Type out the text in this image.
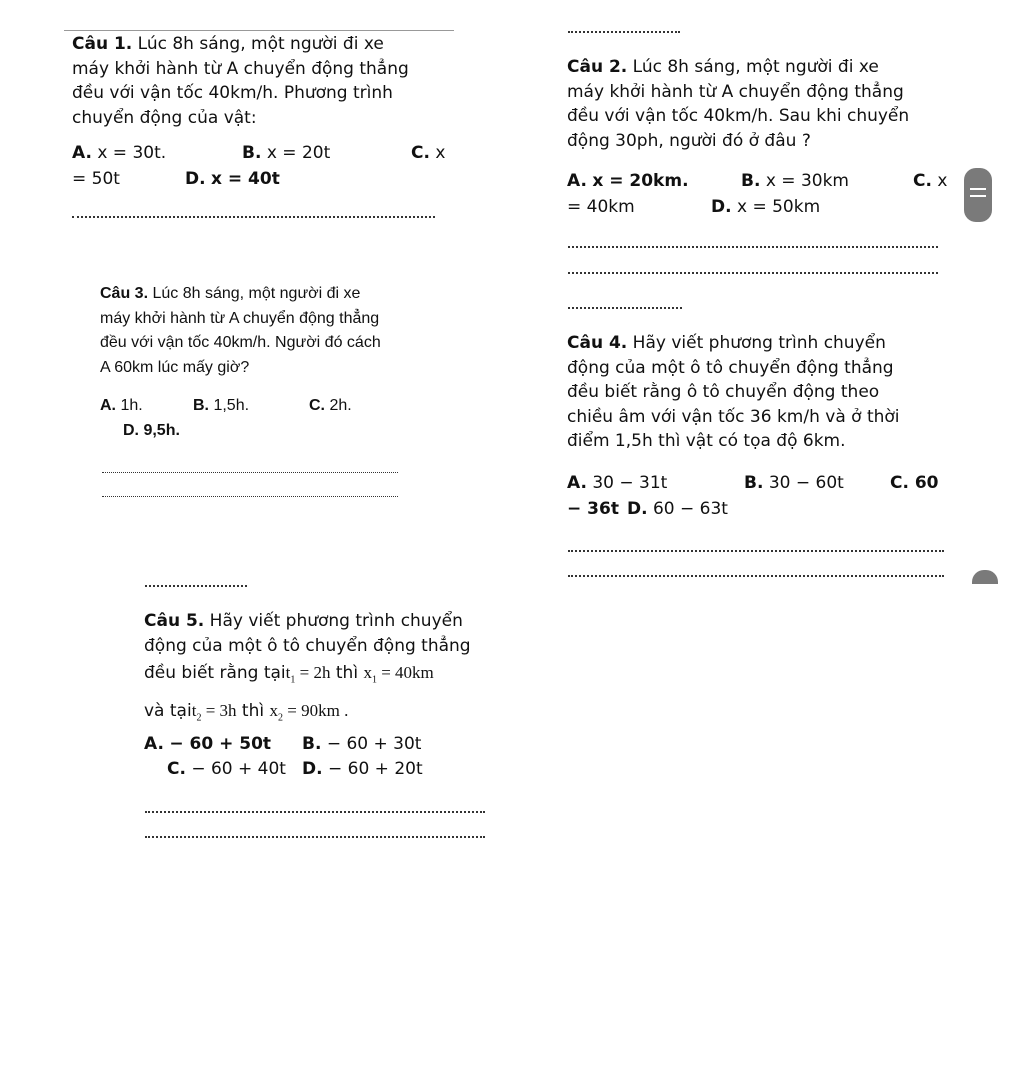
Câu 1. Lúc 8h sáng, một người đi xe
máy khởi hành từ A chuyển động thẳng
đều với vận tốc 40km/h. Phương trình
chuyển động của vật:
A. x = 30t.	B. x = 20t	C. x
= 50t	D. x = 40t
Câu 2. Lúc 8h sáng, một người đi xe
máy khởi hành từ A chuyển động thẳng
đều với vận tốc 40km/h. Sau khi chuyển
động 30ph, người đó ở đâu ?
A. x = 20km.	B. x = 30km	C. x
= 40km	D. x = 50km
Câu 3. Lúc 8h sáng, một người đi xe
máy khởi hành từ A chuyển động thẳng
đều với vận tốc 40km/h. Người đó cách
A 60km lúc mấy giờ?
A. 1h.	B. 1,5h.	C. 2h.
D. 9,5h.
Câu 4. Hãy viết phương trình chuyển
động của một ô tô chuyển động thẳng
đều biết rằng ô tô chuyển động theo
chiều âm với vận tốc 36 km/h và ở thời
điểm 1,5h thì vật có tọa độ 6km.
A. 30 − 31t	B. 30 − 60t	C. 60
− 36t D. 60 − 63t
Câu 5. Hãy viết phương trình chuyển
động của một ô tô chuyển động thẳng
đều biết rằng tạit$_1$ = 2h thì $x_1 = 40km$
và tạit$_2$ = 3h thì $x_2 = 90km$ .
A. − 60 + 50t B. − 60 + 30t
C. − 60 + 40t D. − 60 + 20t
